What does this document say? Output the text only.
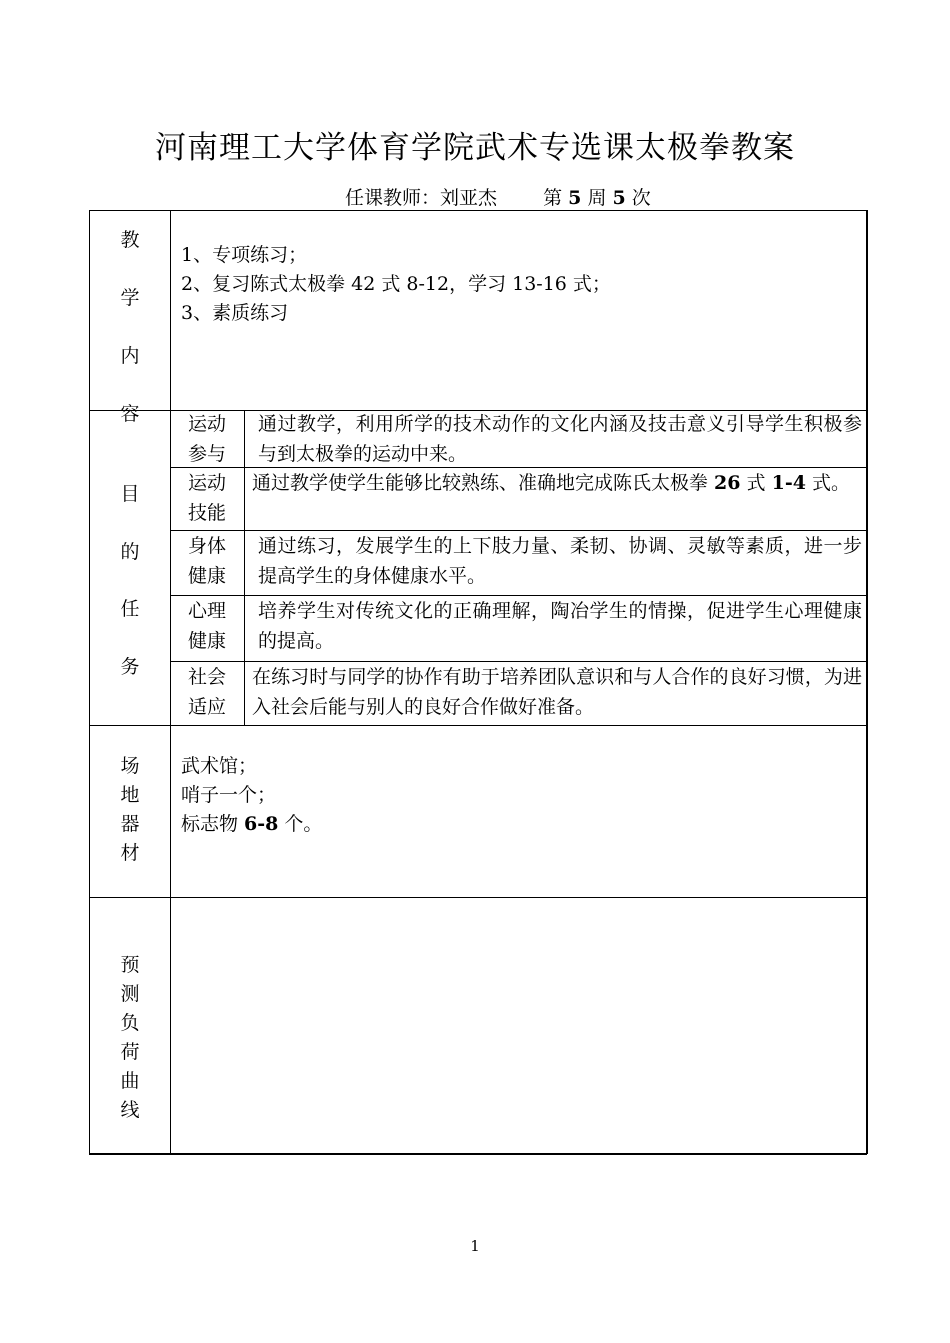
河南理工大学体育学院武术专选课太极拳教案
任课教师：刘亚杰 第 5 周 5 次
教
学
内
容
1、专项练习；
2、复习陈式太极拳 42 式 8-12，学习 13-16 式；
3、素质练习
目
的
任
务
运动
参与
通过教学，利用所学的技术动作的文化内涵及技击意义引导学生积极参与到太极拳的运动中来。
运动
技能
通过教学使学生能够比较熟练、准确地完成陈氏太极拳 26 式 1-4 式。
身体
健康
通过练习，发展学生的上下肢力量、柔韧、协调、灵敏等素质，进一步提高学生的身体健康水平。
心理
健康
培养学生对传统文化的正确理解，陶冶学生的情操，促进学生心理健康的提高。
社会
适应
在练习时与同学的协作有助于培养团队意识和与人合作的良好习惯，为进入社会后能与别人的良好合作做好准备。
场
地
器
材
武术馆；
哨子一个；
标志物 6-8 个。
预
测
负
荷
曲
线
1
